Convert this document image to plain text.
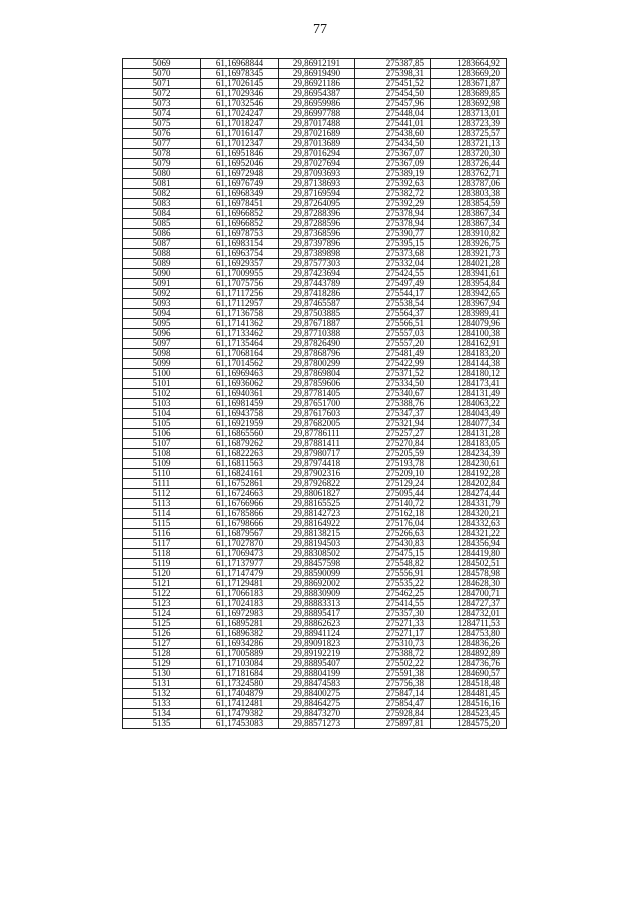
77
5069	61,16968844	29,86912191	275387,85	1283664,92
5070	61,16978345	29,86919490	275398,31	1283669,20
5071	61,17026145	29,86921186	275451,52	1283671,87
5072	61,17029346	29,86954387	275454,50	1283689,85
5073	61,17032546	29,86959986	275457,96	1283692,98
5074	61,17024247	29,86997788	275448,04	1283713,01
5075	61,17018247	29,87017488	275441,01	1283723,39
5076	61,17016147	29,87021689	275438,60	1283725,57
5077	61,17012347	29,87013689	275434,50	1283721,13
5078	61,16951846	29,87016294	275367,07	1283720,30
5079	61,16952046	29,87027694	275367,09	1283726,44
5080	61,16972948	29,87093693	275389,19	1283762,71
5081	61,16976749	29,87138693	275392,63	1283787,06
5082	61,16968349	29,87169594	275382,72	1283803,38
5083	61,16978451	29,87264095	275392,29	1283854,59
5084	61,16966852	29,87288396	275378,94	1283867,34
5085	61,16966852	29,87288596	275378,94	1283867,34
5086	61,16978753	29,87368596	275390,77	1283910,82
5087	61,16983154	29,87397896	275395,15	1283926,75
5088	61,16963754	29,87389898	275373,68	1283921,73
5089	61,16929357	29,87577303	275332,04	1284021,28
5090	61,17009955	29,87423694	275424,55	1283941,61
5091	61,17075756	29,87443789	275497,49	1283954,84
5092	61,17117256	29,87418286	275544,17	1283942,65
5093	61,17112957	29,87465587	275538,54	1283967,94
5094	61,17136758	29,87503885	275564,37	1283989,41
5095	61,17141362	29,87671887	275566,51	1284079,96
5096	61,17133462	29,87710388	275557,03	1284100,38
5097	61,17135464	29,87826490	275557,20	1284162,91
5098	61,17068164	29,87868796	275481,49	1284183,20
5099	61,17014562	29,87800299	275422,99	1284144,38
5100	61,16969463	29,87869804	275371,52	1284180,12
5101	61,16936062	29,87859606	275334,50	1284173,41
5102	61,16940361	29,87781405	275340,67	1284131,49
5103	61,16981459	29,87651700	275388,76	1284063,22
5104	61,16943758	29,87617603	275347,37	1284043,49
5105	61,16921959	29,87682005	275321,94	1284077,34
5106	61,16865560	29,87786111	275257,27	1284131,28
5107	61,16879262	29,87881411	275270,84	1284183,05
5108	61,16822263	29,87980717	275205,59	1284234,39
5109	61,16811563	29,87974418	275193,78	1284230,61
5110	61,16824161	29,87902316	275209,10	1284192,28
5111	61,16752861	29,87926822	275129,24	1284202,84
5112	61,16724663	29,88061827	275095,44	1284274,44
5113	61,16766966	29,88165525	275140,72	1284331,79
5114	61,16785866	29,88142723	275162,18	1284320,21
5115	61,16798666	29,88164922	275176,04	1284332,63
5116	61,16879567	29,88138215	275266,63	1284321,22
5117	61,17027870	29,88194503	275430,83	1284356,94
5118	61,17069473	29,88308502	275475,15	1284419,80
5119	61,17137977	29,88457598	275548,82	1284502,51
5120	61,17147479	29,88590099	275556,91	1284578,98
5121	61,17129481	29,88692002	275535,22	1284628,30
5122	61,17066183	29,88830909	275462,25	1284700,71
5123	61,17024183	29,88883313	275414,55	1284727,37
5124	61,16972983	29,88895417	275357,30	1284732,01
5125	61,16895281	29,88862623	275271,33	1284711,53
5126	61,16896382	29,88941124	275271,17	1284753,80
5127	61,16934286	29,89091823	275310,73	1284836,26
5128	61,17005889	29,89192219	275388,72	1284892,89
5129	61,17103084	29,88895407	275502,22	1284736,76
5130	61,17181684	29,88804199	275591,38	1284690,57
5131	61,17324580	29,88474583	275756,38	1284518,48
5132	61,17404879	29,88400275	275847,14	1284481,45
5133	61,17412481	29,88464275	275854,47	1284516,16
5134	61,17479382	29,88473270	275928,84	1284523,45
5135	61,17453083	29,88571273	275897,81	1284575,20
